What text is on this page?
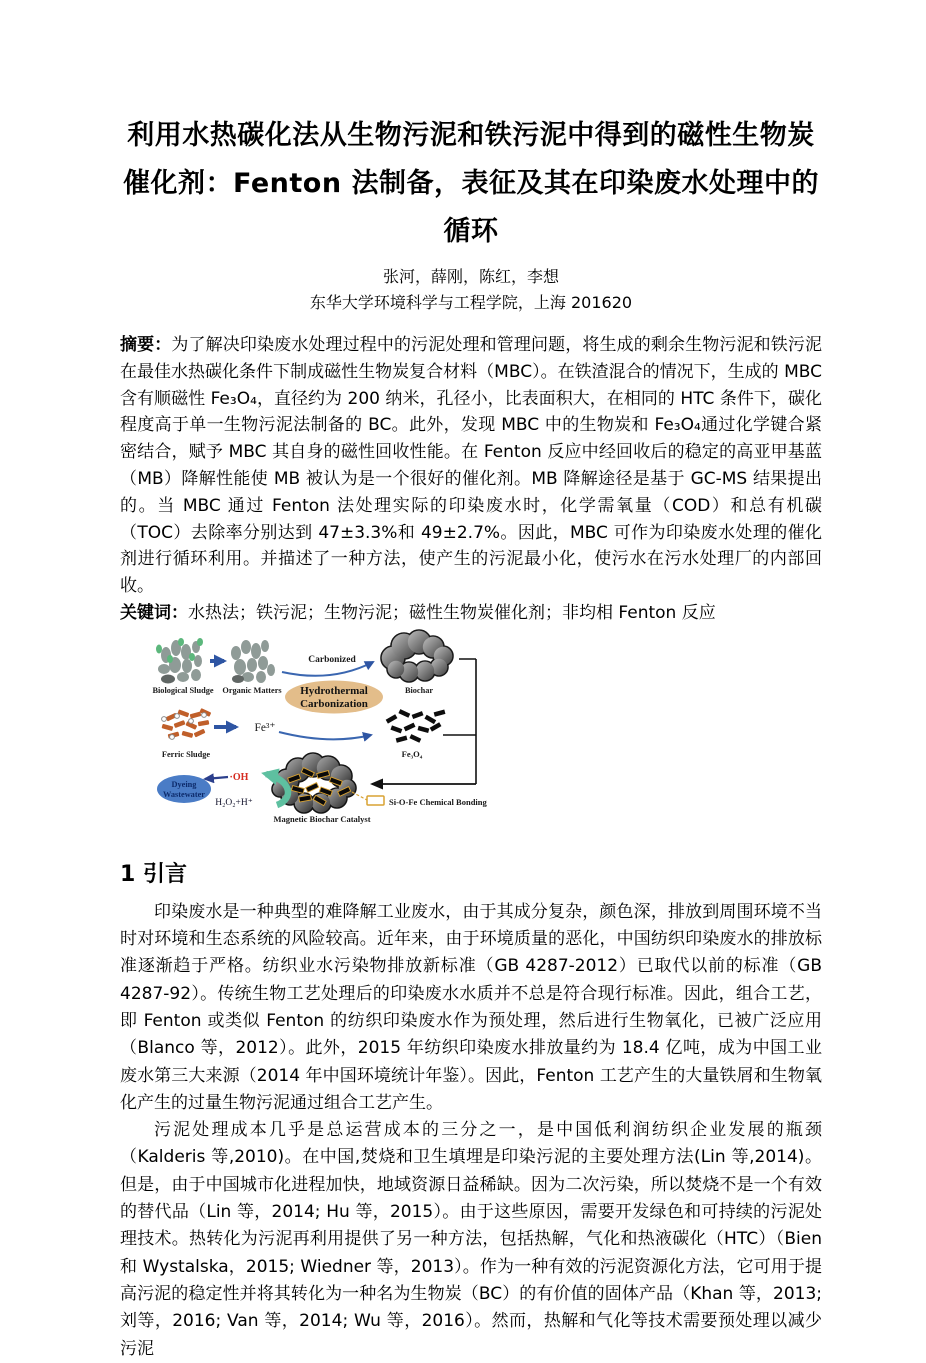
利用水热碳化法从生物污泥和铁污泥中得到的磁性生物炭
催化剂：Fenton 法制备，表征及其在印染废水处理中的循环
张河，薛刚，陈红，李想
东华大学环境科学与工程学院，上海 201620

摘要：为了解决印染废水处理过程中的污泥处理和管理问题，将生成的剩余生物污泥和铁污泥在最佳水热碳化条件下制成磁性生物炭复合材料（MBC）。在铁渣混合的情况下，生成的 MBC 含有顺磁性 Fe₃O₄，直径约为 200 纳米，孔径小，比表面积大，在相同的 HTC 条件下，碳化程度高于单一生物污泥法制备的 BC。此外，发现 MBC 中的生物炭和 Fe₃O₄通过化学键合紧密结合，赋予 MBC 其自身的磁性回收性能。在 Fenton 反应中经回收后的稳定的高亚甲基蓝（MB）降解性能使 MB 被认为是一个很好的催化剂。MB 降解途径是基于 GC-MS 结果提出的。当 MBC 通过 Fenton 法处理实际的印染废水时，化学需氧量（COD）和总有机碳（TOC）去除率分别达到 47±3.3%和 49±2.7%。因此，MBC 可作为印染废水处理的催化剂进行循环利用。并描述了一种方法，使产生的污泥最小化，使污水在污水处理厂的内部回收。

关键词：水热法；铁污泥；生物污泥；磁性生物炭催化剂；非均相 Fenton 反应

Hydrothermal
Carbonization
Biological Sludge Organic Matters
Carbonized
Biochar
Ferric Sludge
Fe³⁺
Fe₃O₄
Magnetic Biochar Catalyst
·OH
H₂O₂+H⁺
Dyeing
Wastewater
Si-O-Fe Chemical Bonding
1 引言

印染废水是一种典型的难降解工业废水，由于其成分复杂，颜色深，排放到周围环境不当时对环境和生态系统的风险较高。近年来，由于环境质量的恶化，中国纺织印染废水的排放标准逐渐趋于严格。纺织业水污染物排放新标准（GB 4287-2012）已取代以前的标准（GB 4287-92）。传统生物工艺处理后的印染废水水质并不总是符合现行标准。因此，组合工艺，即 Fenton 或类似 Fenton 的纺织印染废水作为预处理，然后进行生物氧化，已被广泛应用（Blanco 等，2012）。此外，2015 年纺织印染废水排放量约为 18.4 亿吨，成为中国工业废水第三大来源（2014 年中国环境统计年鉴）。因此，Fenton 工艺产生的大量铁屑和生物氧化产生的过量生物污泥通过组合工艺产生。

污泥处理成本几乎是总运营成本的三分之一，是中国低利润纺织企业发展的瓶颈（Kalderis 等,2010)。在中国,焚烧和卫生填埋是印染污泥的主要处理方法(Lin 等,2014)。但是，由于中国城市化进程加快，地域资源日益稀缺。因为二次污染，所以焚烧不是一个有效的替代品（Lin 等，2014; Hu 等，2015）。由于这些原因，需要开发绿色和可持续的污泥处理技术。热转化为污泥再利用提供了另一种方法，包括热解，气化和热液碳化（HTC）（Bien 和 Wystalska，2015; Wiedner 等，2013）。作为一种有效的污泥资源化方法，它可用于提高污泥的稳定性并将其转化为一种名为生物炭（BC）的有价值的固体产品（Khan 等，2013;刘等，2016; Van 等，2014; Wu 等，2016）。然而，热解和气化等技术需要预处理以减少污泥
